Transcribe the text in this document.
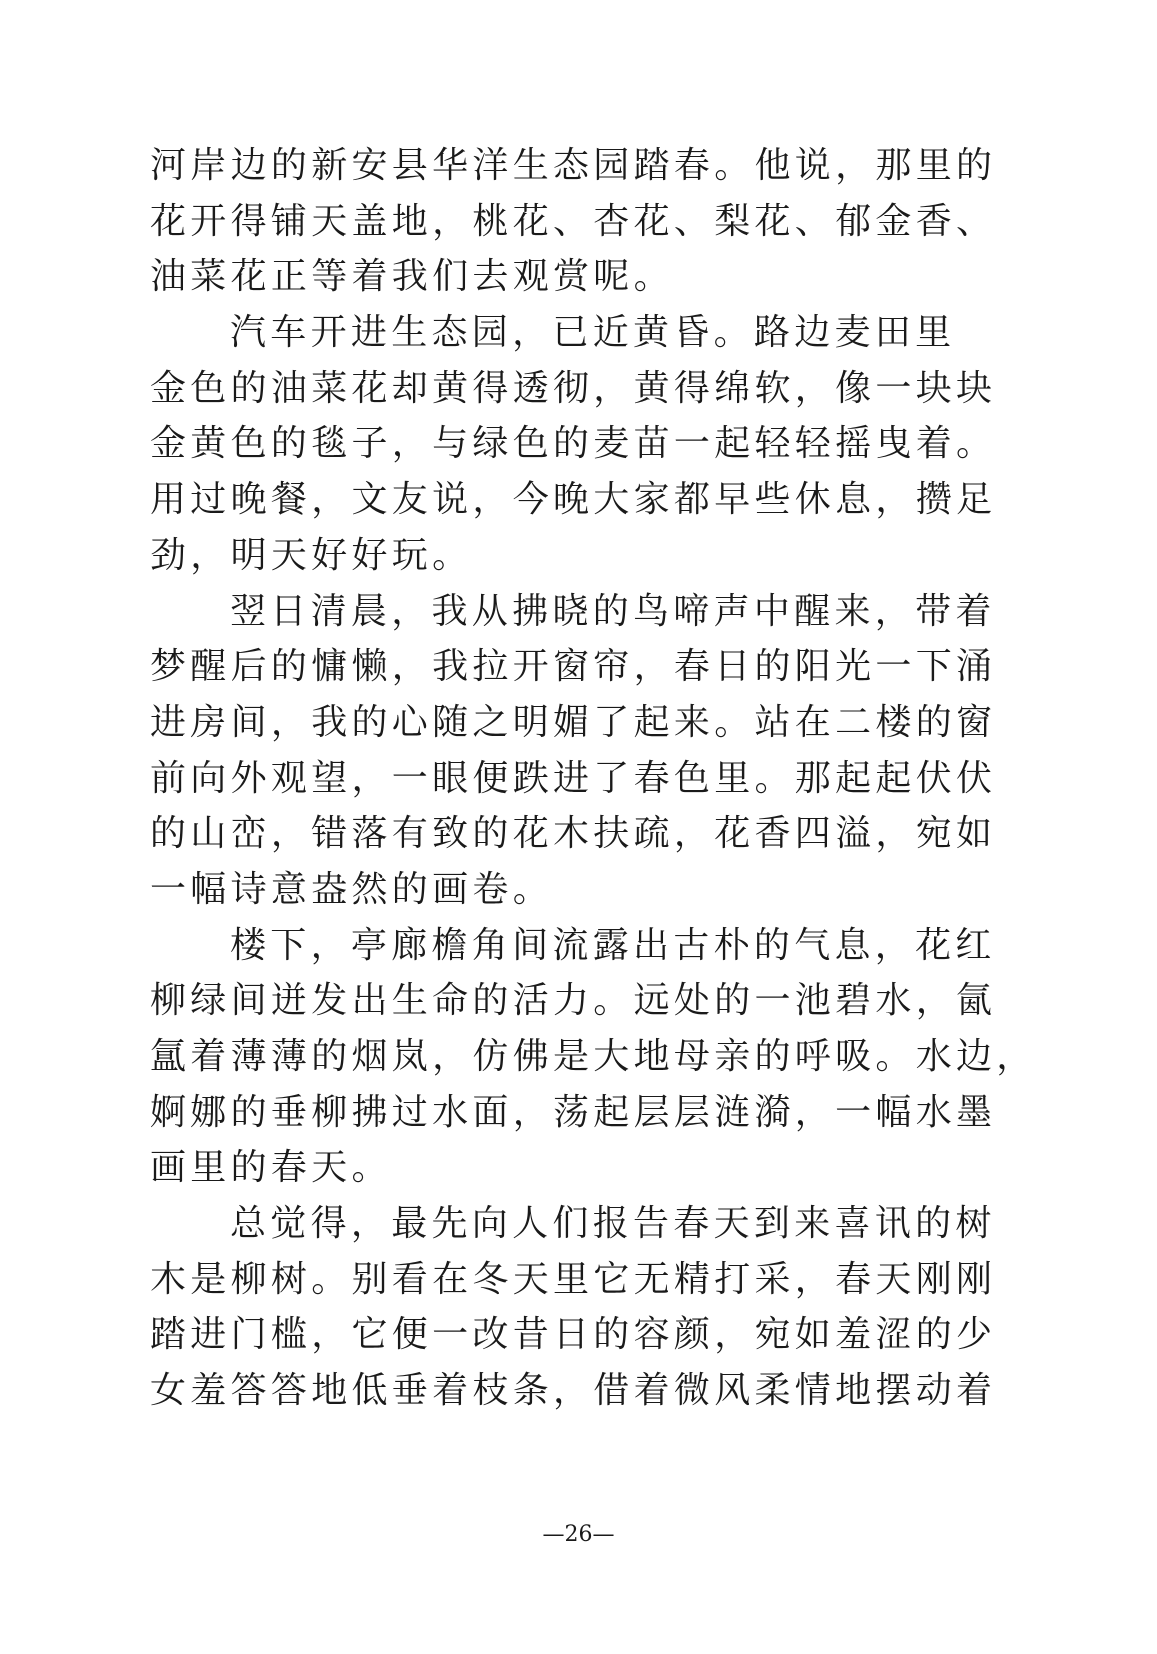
河岸边的新安县华洋生态园踏春。他说，那里的
花开得铺天盖地，桃花、杏花、梨花、郁金香、
油菜花正等着我们去观赏呢。
汽车开进生态园，已近黄昏。路边麦田里
金色的油菜花却黄得透彻，黄得绵软，像一块块
金黄色的毯子，与绿色的麦苗一起轻轻摇曳着。
用过晚餐，文友说，今晚大家都早些休息，攒足
劲，明天好好玩。
翌日清晨，我从拂晓的鸟啼声中醒来，带着
梦醒后的慵懒，我拉开窗帘，春日的阳光一下涌
进房间，我的心随之明媚了起来。站在二楼的窗
前向外观望，一眼便跌进了春色里。那起起伏伏
的山峦，错落有致的花木扶疏，花香四溢，宛如
一幅诗意盎然的画卷。
楼下，亭廊檐角间流露出古朴的气息，花红
柳绿间迸发出生命的活力。远处的一池碧水，氤
氲着薄薄的烟岚，仿佛是大地母亲的呼吸。水边，
婀娜的垂柳拂过水面，荡起层层涟漪，一幅水墨
画里的春天。
总觉得，最先向人们报告春天到来喜讯的树
木是柳树。别看在冬天里它无精打采，春天刚刚
踏进门槛，它便一改昔日的容颜，宛如羞涩的少
女羞答答地低垂着枝条，借着微风柔情地摆动着
—26—
